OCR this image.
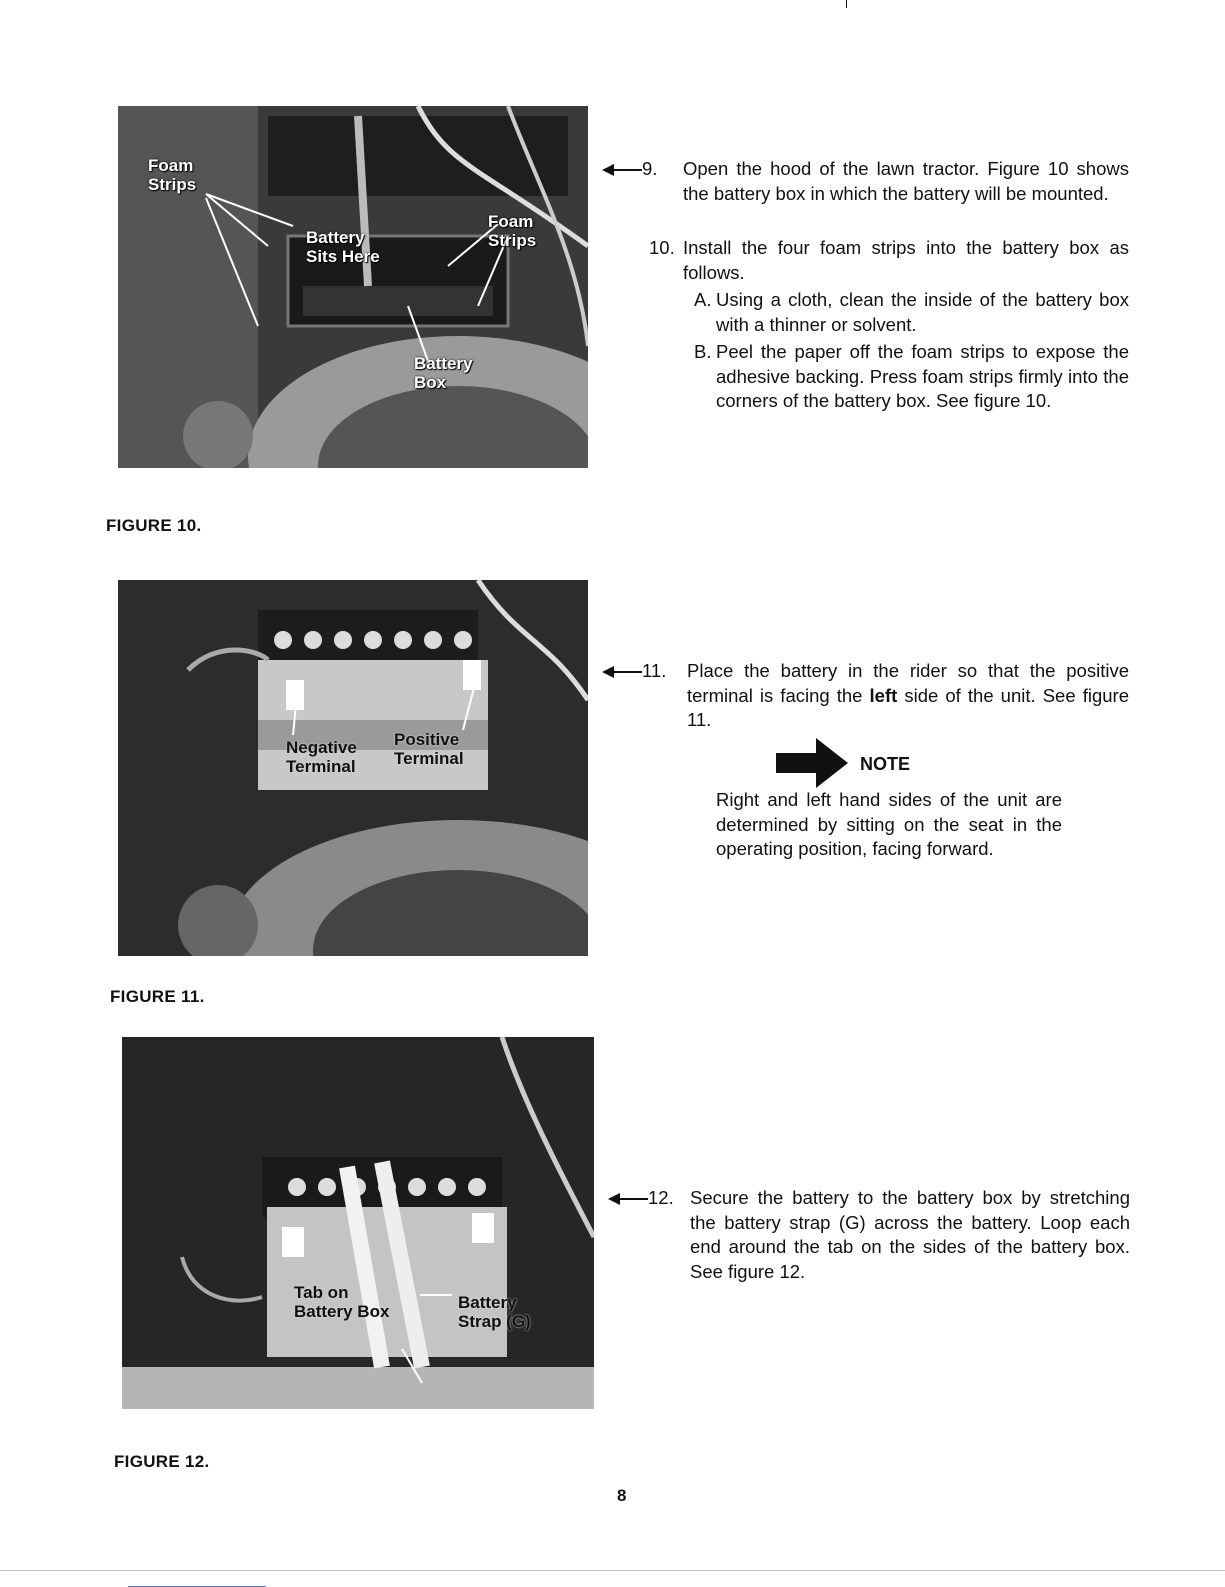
Foam
Strips
Battery
Sits Here
Foam
Strips
Battery
Box
FIGURE 10.
Negative
Terminal
Positive
Terminal
FIGURE 11.
Tab on
Battery Box	Battery
Strap (G)
FIGURE 12.
9. Open the hood of the lawn tractor. Figure 10 shows the battery box in which the battery will be mounted.
10. Install the four foam strips into the battery box as follows.
A. Using a cloth, clean the inside of the battery box with a thinner or solvent.
B. Peel the paper off the foam strips to expose the adhesive backing. Press foam strips firmly into the corners of the battery box. See figure 10.
11. Place the battery in the rider so that the positive terminal is facing the left side of the unit. See figure 11.
NOTE
Right and left hand sides of the unit are determined by sitting on the seat in the operating position, facing forward.
12. Secure the battery to the battery box by stretching the battery strap (G) across the battery. Loop each end around the tab on the sides of the battery box. See figure 12.
8
